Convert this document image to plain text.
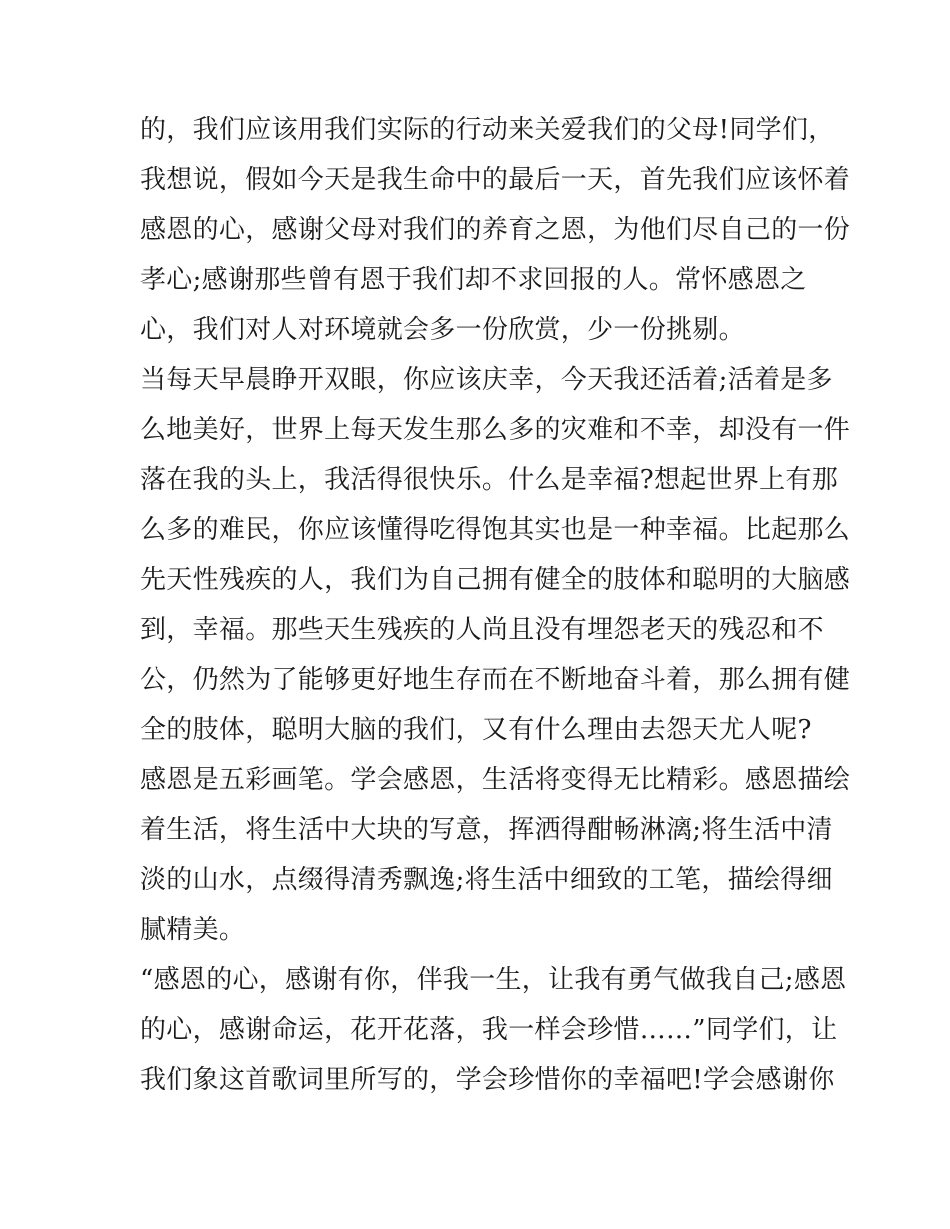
的，我们应该用我们实际的行动来关爱我们的父母!同学们，
我想说，假如今天是我生命中的最后一天，首先我们应该怀着
感恩的心，感谢父母对我们的养育之恩，为他们尽自己的一份
孝心;感谢那些曾有恩于我们却不求回报的人。常怀感恩之
心，我们对人对环境就会多一份欣赏，少一份挑剔。
当每天早晨睁开双眼，你应该庆幸，今天我还活着;活着是多
么地美好，世界上每天发生那么多的灾难和不幸，却没有一件
落在我的头上，我活得很快乐。什么是幸福?想起世界上有那
么多的难民，你应该懂得吃得饱其实也是一种幸福。比起那么
先天性残疾的人，我们为自己拥有健全的肢体和聪明的大脑感
到，幸福。那些天生残疾的人尚且没有埋怨老天的残忍和不
公，仍然为了能够更好地生存而在不断地奋斗着，那么拥有健
全的肢体，聪明大脑的我们，又有什么理由去怨天尤人呢?
感恩是五彩画笔。学会感恩，生活将变得无比精彩。感恩描绘
着生活，将生活中大块的写意，挥洒得酣畅淋漓;将生活中清
淡的山水，点缀得清秀飘逸;将生活中细致的工笔，描绘得细
腻精美。
“感恩的心，感谢有你，伴我一生，让我有勇气做我自己;感恩
的心，感谢命运，花开花落，我一样会珍惜……”同学们，让
我们象这首歌词里所写的，学会珍惜你的幸福吧!学会感谢你
